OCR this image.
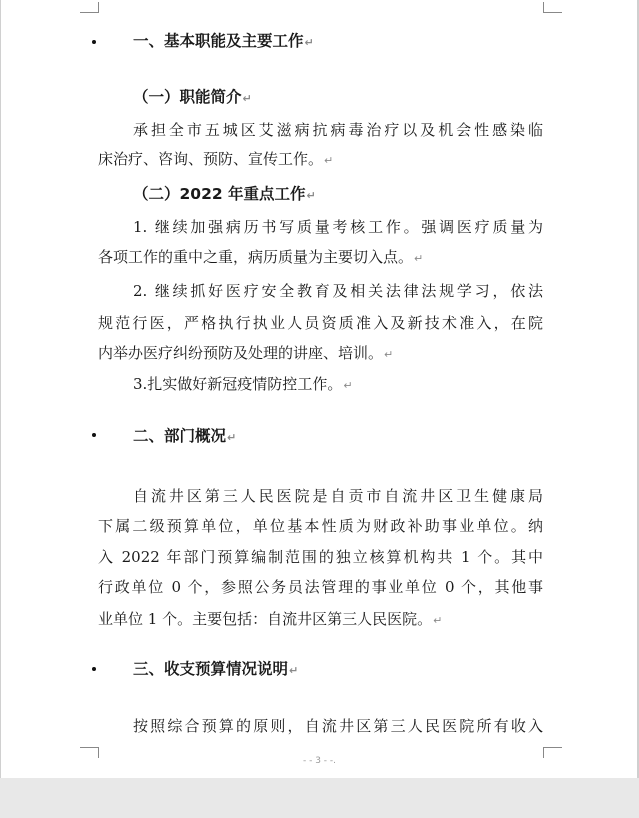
一、基本职能及主要工作↵
（一）职能简介↵
承担全市五城区艾滋病抗病毒治疗以及机会性感染临
床治疗、咨询、预防、宣传工作。↵
（二）2022 年重点工作↵
1. 继续加强病历书写质量考核工作。强调医疗质量为
各项工作的重中之重，病历质量为主要切入点。↵
2. 继续抓好医疗安全教育及相关法律法规学习，依法
规范行医，严格执行执业人员资质准入及新技术准入，在院
内举办医疗纠纷预防及处理的讲座、培训。↵
3.扎实做好新冠疫情防控工作。↵
二、部门概况↵
自流井区第三人民医院是自贡市自流井区卫生健康局
下属二级预算单位，单位基本性质为财政补助事业单位。纳
入 2022 年部门预算编制范围的独立核算机构共 1 个。其中
行政单位 0 个，参照公务员法管理的事业单位 0 个，其他事
业单位 1 个。主要包括：自流井区第三人民医院。↵
三、收支预算情况说明↵
按照综合预算的原则，自流井区第三人民医院所有收入
- - 3 - -.
